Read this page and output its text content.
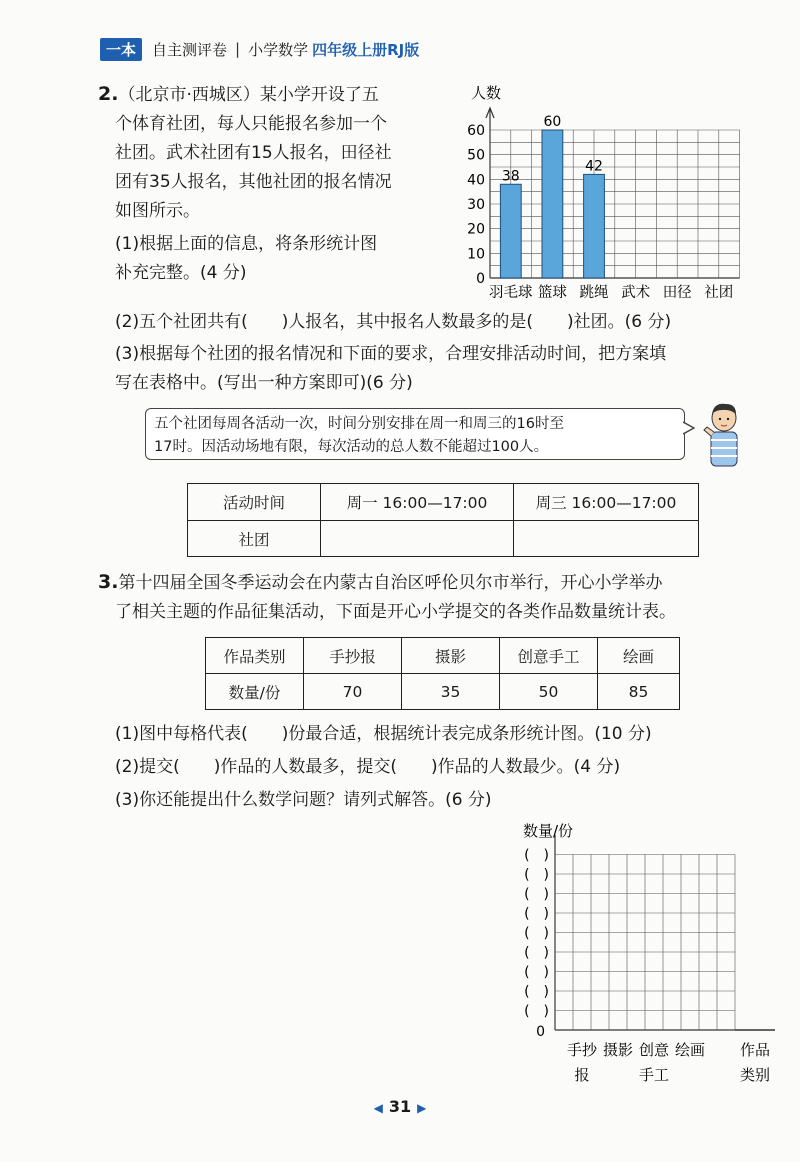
一本	自主测评卷 | 小学数学 四年级上册RJ版
2.（北京市·西城区）某小学开设了五
个体育社团，每人只能报名参加一个
社团。武术社团有15人报名，田径社
团有35人报名，其他社团的报名情况
如图所示。
(1)根据上面的信息，将条形统计图
补充完整。(4 分)
人数
38
60
42
0
10
20
30
40
50
60
羽毛球 篮球 跳绳 武术 田径 社团
(2)五个社团共有(　　)人报名，其中报名人数最多的是(　　)社团。(6 分)
(3)根据每个社团的报名情况和下面的要求，合理安排活动时间，把方案填
写在表格中。(写出一种方案即可)(6 分)
五个社团每周各活动一次，时间分别安排在周一和周三的16时至
17时。因活动场地有限，每次活动的总人数不能超过100人。
活动时间	周一 16:00—17:00	周三 16:00—17:00
社团		
3.第十四届全国冬季运动会在内蒙古自治区呼伦贝尔市举行，开心小学举办
了相关主题的作品征集活动，下面是开心小学提交的各类作品数量统计表。
作品类别	手抄报	摄影	创意手工	绘画
数量/份	70	35	50	85
(1)图中每格代表(　　)份最合适，根据统计表完成条形统计图。(10 分)
(2)提交(　　)作品的人数最多，提交(　　)作品的人数最少。(4 分)
(3)你还能提出什么数学问题？请列式解答。(6 分)
数量/份
(　)
(　)
(　)
(　)
(　)
(　)
(　)
(　)
(　)
0
手抄
报
摄影 创意
手工
绘画 作品
类别
◀ 31 ▶
